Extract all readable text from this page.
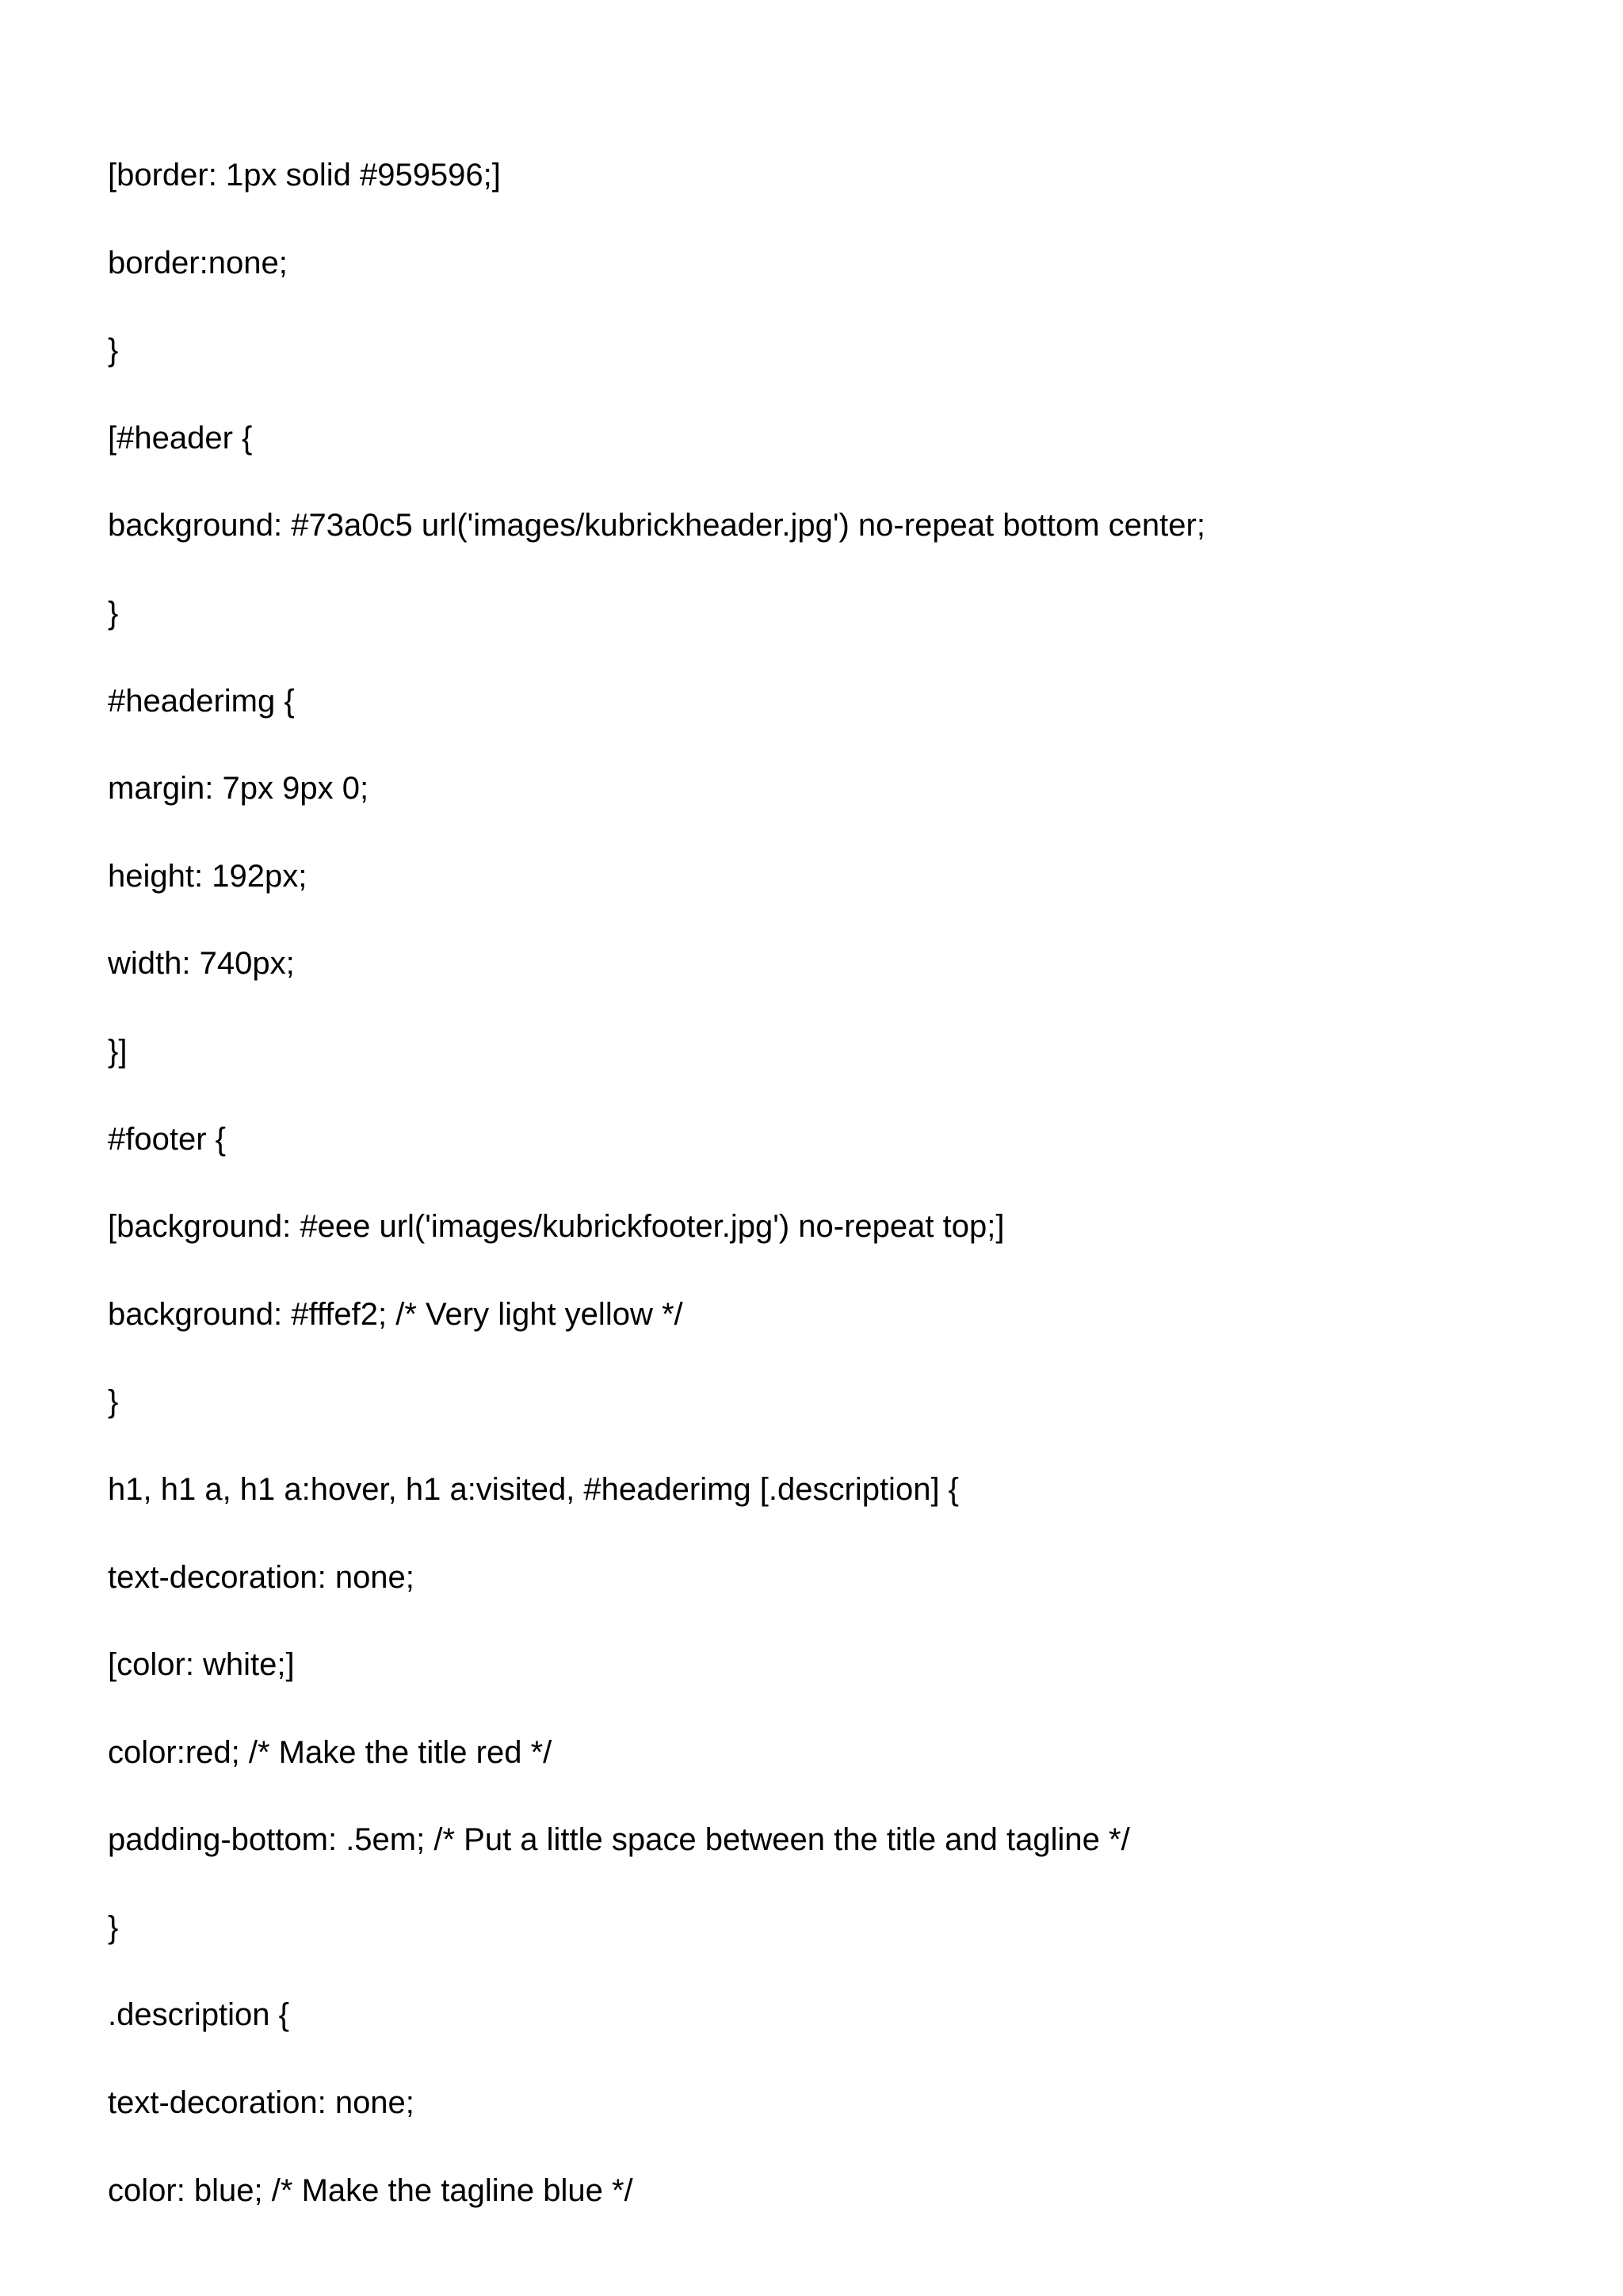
[border: 1px solid #959596;]
border:none;
}
[#header {
background: #73a0c5 url('images/kubrickheader.jpg') no-repeat bottom center;
}
#headerimg {
margin: 7px 9px 0;
height: 192px;
width: 740px;
}]
#footer {
[background: #eee url('images/kubrickfooter.jpg') no-repeat top;]
background: #fffef2; /* Very light yellow */
}
h1, h1 a, h1 a:hover, h1 a:visited, #headerimg [.description] {
text-decoration: none;
[color: white;]
color:red; /* Make the title red */
padding-bottom: .5em; /* Put a little space between the title and tagline */
}
.description {
text-decoration: none;
color: blue; /* Make the tagline blue */
